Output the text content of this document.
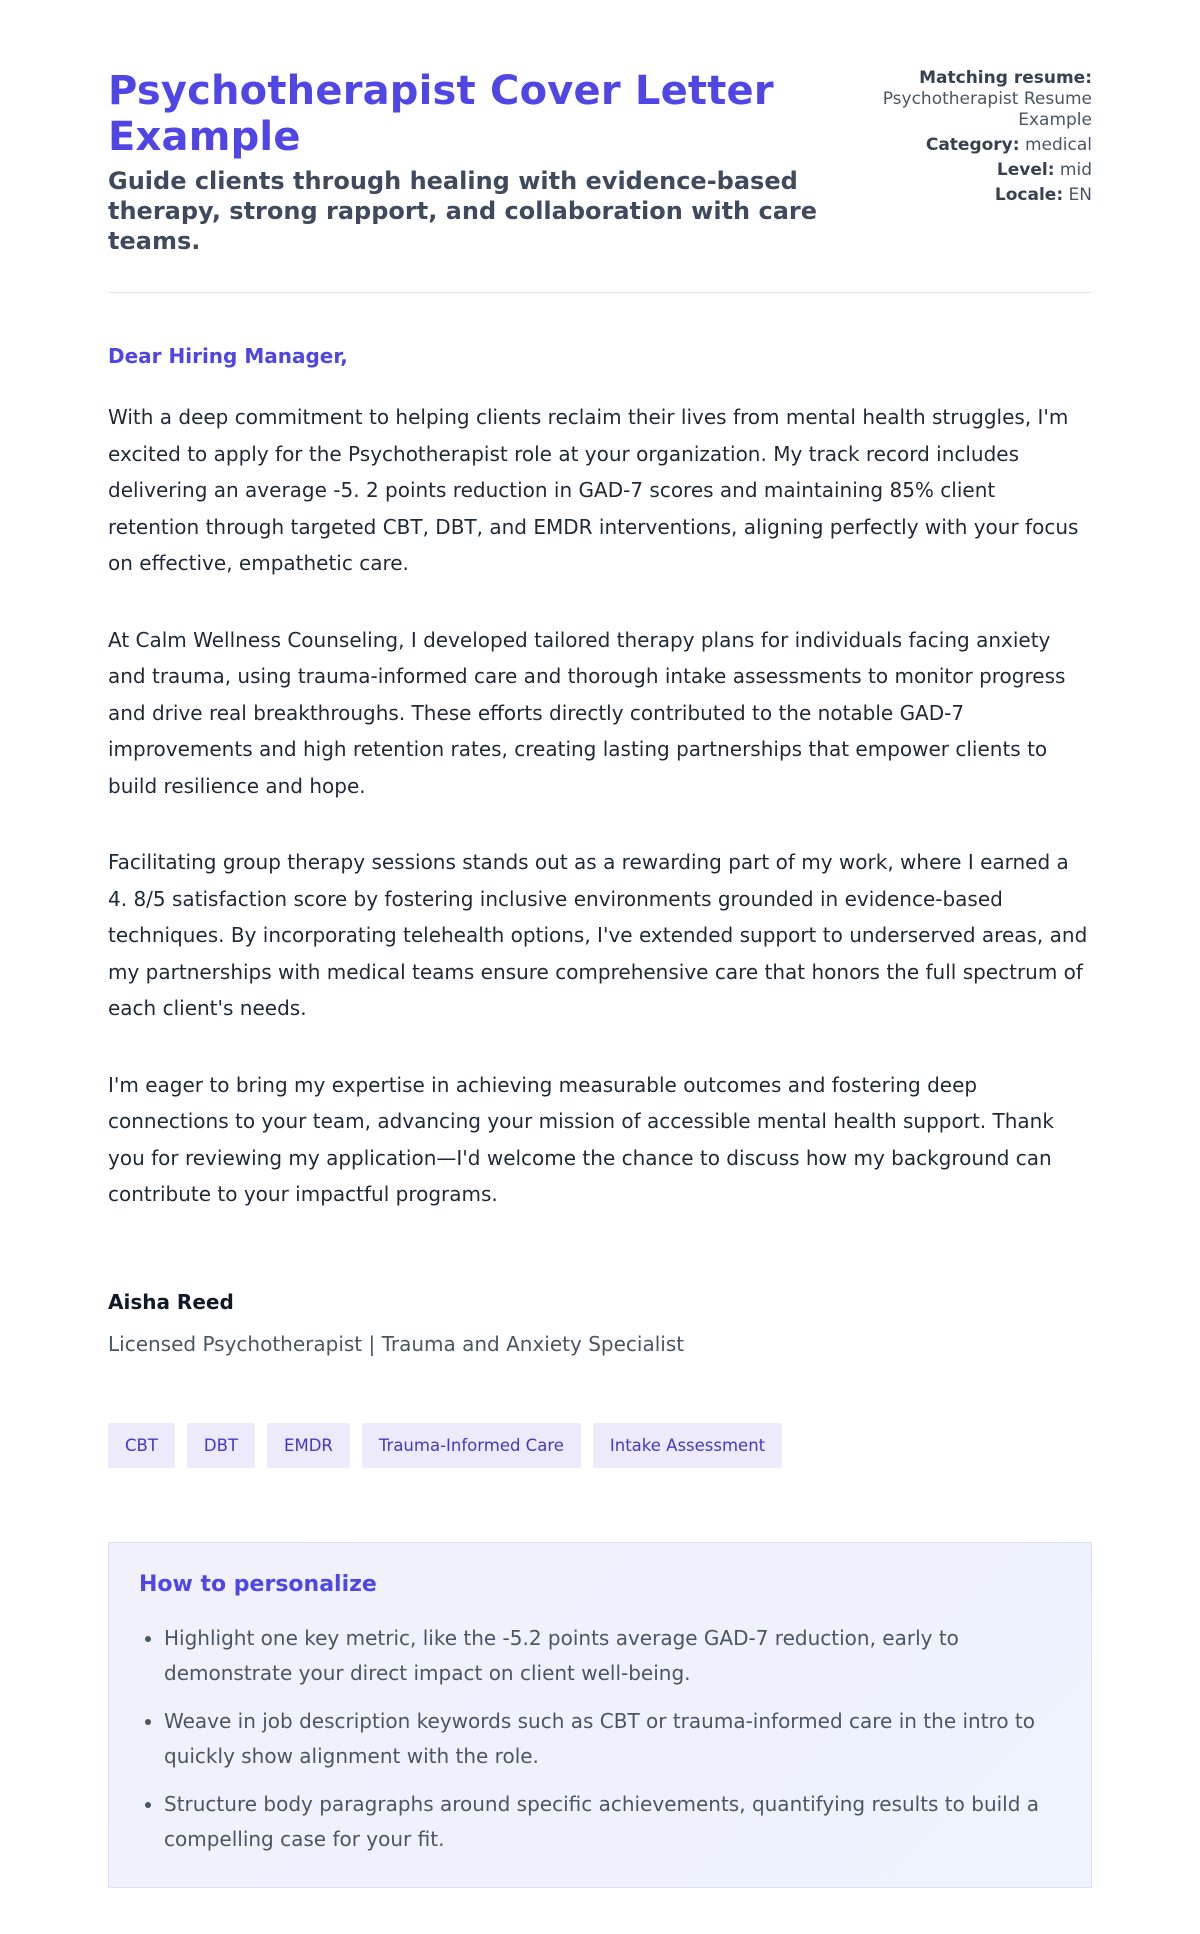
Psychotherapist Cover Letter Example
Guide clients through healing with evidence-based therapy, strong rapport, and collaboration with care teams.
Matching resume:
Psychotherapist Resume Example
Category: medical
Level: mid
Locale: EN

Dear Hiring Manager,

With a deep commitment to helping clients reclaim their lives from mental health struggles, I'm excited to apply for the Psychotherapist role at your organization. My track record includes delivering an average -5. 2 points reduction in GAD-7 scores and maintaining 85% client retention through targeted CBT, DBT, and EMDR interventions, aligning perfectly with your focus on effective, empathetic care.

At Calm Wellness Counseling, I developed tailored therapy plans for individuals facing anxiety and trauma, using trauma-informed care and thorough intake assessments to monitor progress and drive real breakthroughs. These efforts directly contributed to the notable GAD-7 improvements and high retention rates, creating lasting partnerships that empower clients to build resilience and hope.

Facilitating group therapy sessions stands out as a rewarding part of my work, where I earned a 4. 8/5 satisfaction score by fostering inclusive environments grounded in evidence-based techniques. By incorporating telehealth options, I've extended support to underserved areas, and my partnerships with medical teams ensure comprehensive care that honors the full spectrum of each client's needs.

I'm eager to bring my expertise in achieving measurable outcomes and fostering deep connections to your team, advancing your mission of accessible mental health support. Thank you for reviewing my application—I'd welcome the chance to discuss how my background can contribute to your impactful programs.

Aisha Reed
Licensed Psychotherapist | Trauma and Anxiety Specialist
CBT	DBT	EMDR	Trauma-Informed Care	Intake Assessment
How to personalize
• Highlight one key metric, like the -5.2 points average GAD-7 reduction, early to demonstrate your direct impact on client well-being.
• Weave in job description keywords such as CBT or trauma-informed care in the intro to quickly show alignment with the role.
• Structure body paragraphs around specific achievements, quantifying results to build a compelling case for your fit.
